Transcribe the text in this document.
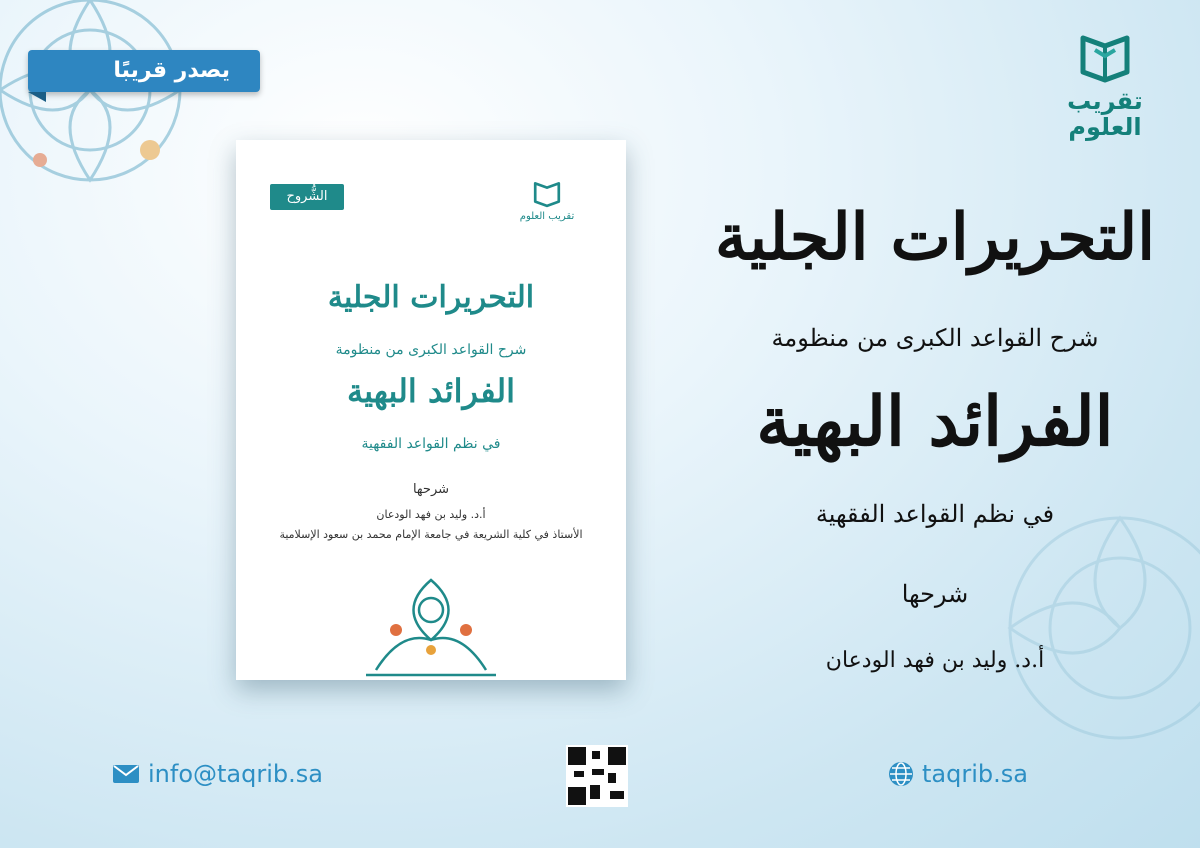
يصدر قريبًا
تقريب
العلوم
الشُّروح
تقريب العلوم
التحريرات الجلية
شرح القواعد الكبرى من منظومة
الفرائد البهية
في نظم القواعد الفقهية
شرحها
أ.د. وليد بن فهد الودعان
الأستاذ في كلية الشريعة في جامعة الإمام محمد بن سعود الإسلامية
التحريرات الجلية
شرح القواعد الكبرى من منظومة
الفرائد البهية
في نظم القواعد الفقهية
شرحها
أ.د. وليد بن فهد الودعان
info@taqrib.sa	taqrib.sa
